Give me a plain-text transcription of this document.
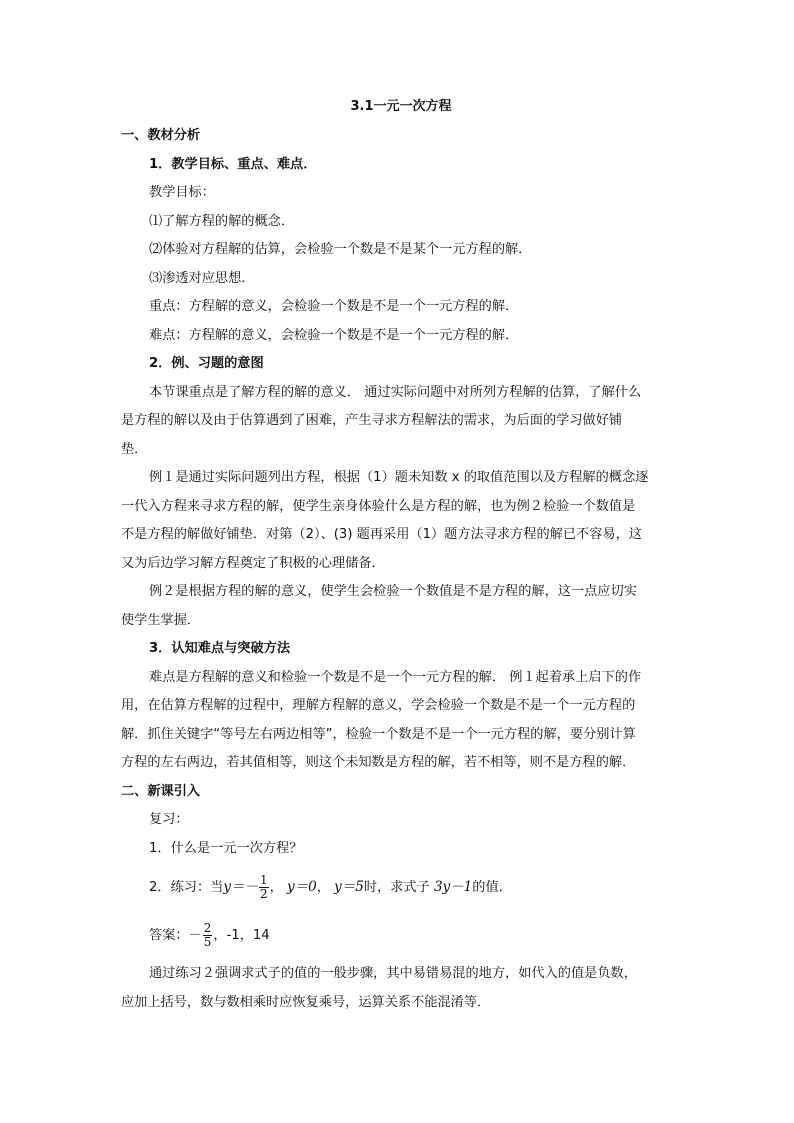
3.1一元一次方程
一、教材分析
1．教学目标、重点、难点．
教学目标：
⑴了解方程的解的概念．
⑵体验对方程解的估算，会检验一个数是不是某个一元方程的解．
⑶渗透对应思想．
重点：方程解的意义，会检验一个数是不是一个一元方程的解．
难点：方程解的意义，会检验一个数是不是一个一元方程的解．
2．例、习题的意图
本节课重点是了解方程的解的意义． 通过实际问题中对所列方程解的估算，了解什么
是方程的解以及由于估算遇到了困难，产生寻求方程解法的需求，为后面的学习做好铺
垫．
例１是通过实际问题列出方程，根据（1）题未知数 x 的取值范围以及方程解的概念逐
一代入方程来寻求方程的解，使学生亲身体验什么是方程的解，也为例２检验一个数值是
不是方程的解做好铺垫．对第（2）、(3) 题再采用（1）题方法寻求方程的解已不容易，这
又为后边学习解方程奠定了积极的心理储备．
例２是根据方程的解的意义，使学生会检验一个数值是不是方程的解，这一点应切实
使学生掌握．
3．认知难点与突破方法
难点是方程解的意义和检验一个数是不是一个一元方程的解． 例１起着承上启下的作
用，在估算方程解的过程中，理解方程解的意义，学会检验一个数是不是一个一元方程的
解．抓住关键字“等号左右两边相等”，检验一个数是不是一个一元方程的解，要分别计算
方程的左右两边，若其值相等，则这个未知数是方程的解，若不相等，则不是方程的解．
二、新课引入
复习：
1．什么是一元一次方程？
2．练习：当$y=- \frac{1}{2}$ ， y＝0， y＝5时，求式子 3y－1的值．
答案：－ $\frac{2}{5}$ ，-1，14
通过练习２强调求式子的值的一般步骤，其中易错易混的地方，如代入的值是负数，
应加上括号，数与数相乘时应恢复乘号，运算关系不能混淆等．
